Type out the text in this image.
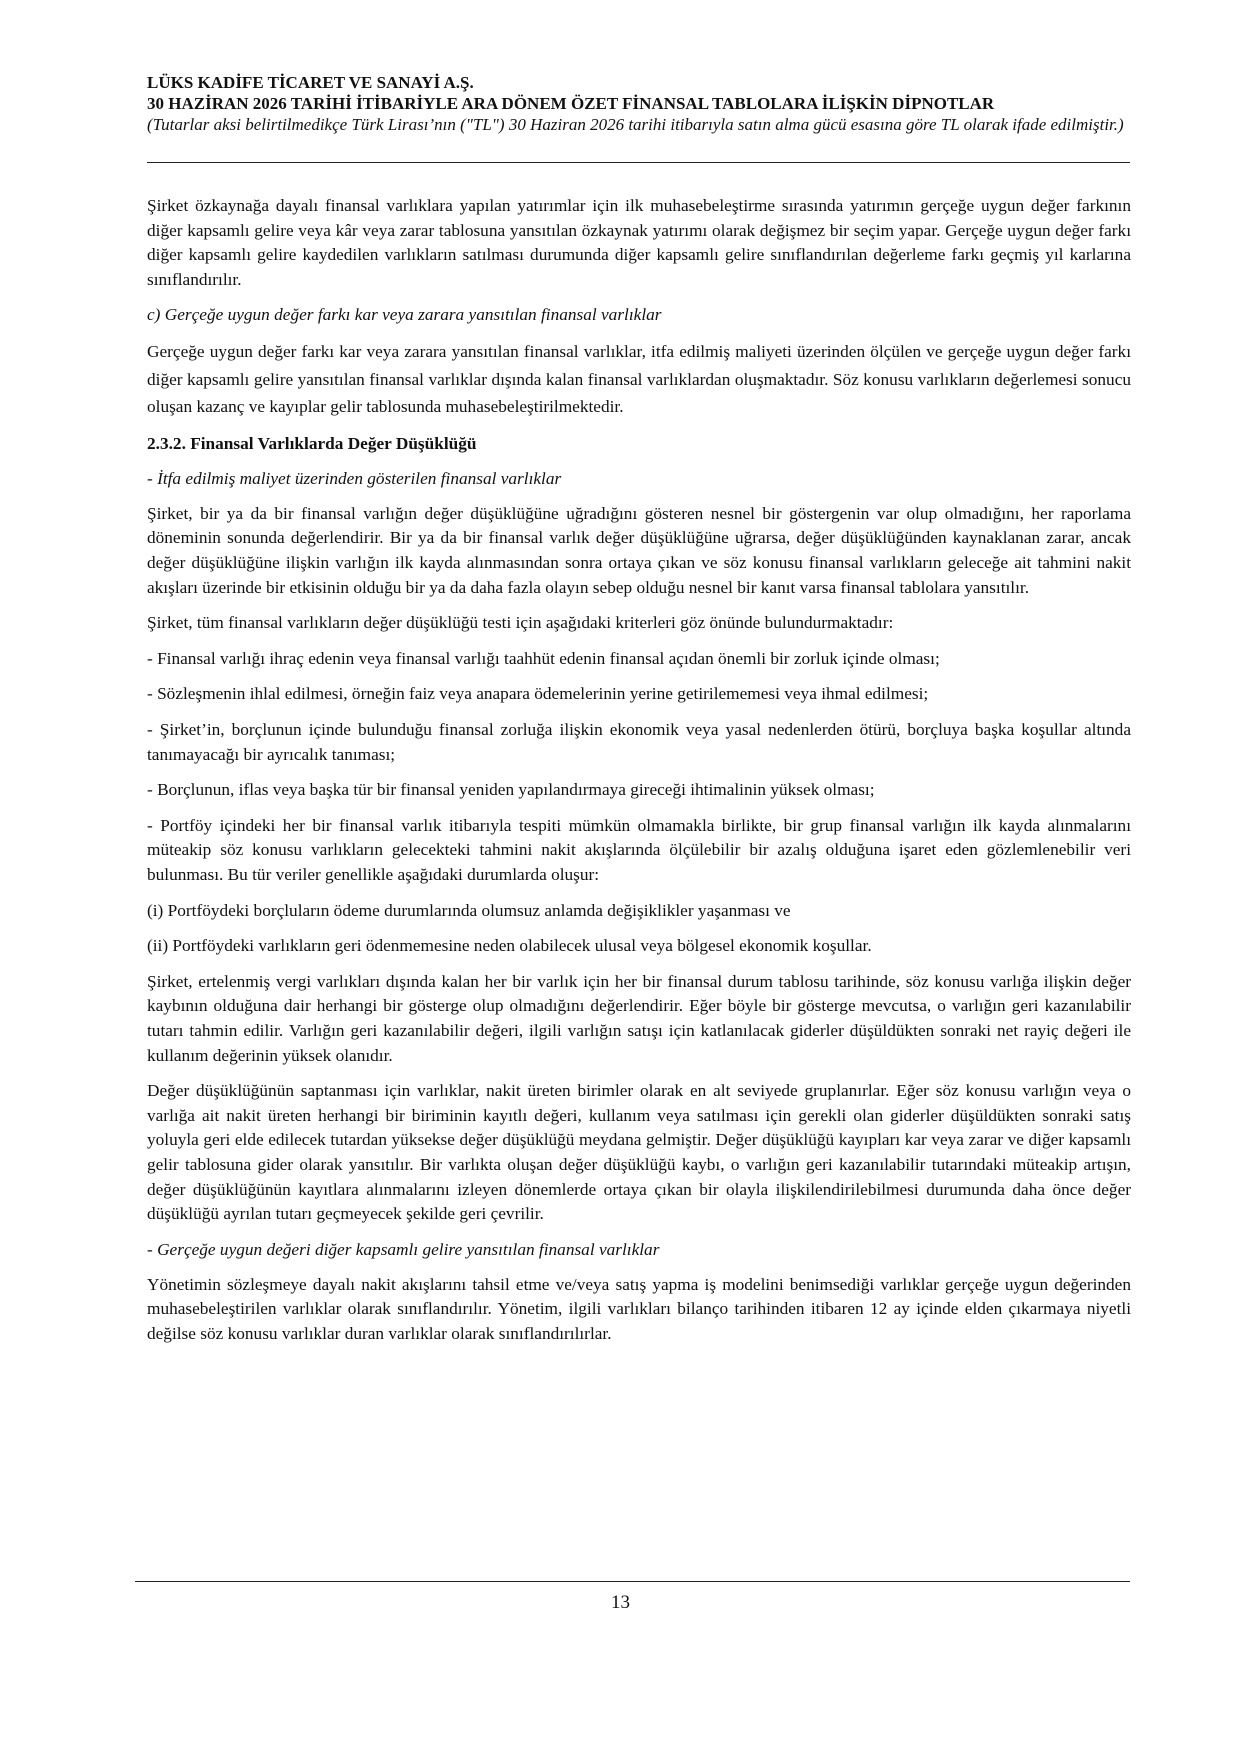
LÜKS KADİFE TİCARET VE SANAYİ A.Ş.
30 HAZİRAN 2026 TARİHİ İTİBARİYLE ARA DÖNEM ÖZET FİNANSAL TABLOLARA İLİŞKİN DİPNOTLAR
(Tutarlar aksi belirtilmedikçe Türk Lirası’nın ("TL") 30 Haziran 2026 tarihi itibarıyla satın alma gücü esasına göre TL olarak ifade edilmiştir.)

Şirket özkaynağa dayalı finansal varlıklara yapılan yatırımlar için ilk muhasebeleştirme sırasında yatırımın gerçeğe uygun değer farkının diğer kapsamlı gelire veya kâr veya zarar tablosuna yansıtılan özkaynak yatırımı olarak değişmez bir seçim yapar. Gerçeğe uygun değer farkı diğer kapsamlı gelire kaydedilen varlıkların satılması durumunda diğer kapsamlı gelire sınıflandırılan değerleme farkı geçmiş yıl karlarına sınıflandırılır.

c) Gerçeğe uygun değer farkı kar veya zarara yansıtılan finansal varlıklar

Gerçeğe uygun değer farkı kar veya zarara yansıtılan finansal varlıklar, itfa edilmiş maliyeti üzerinden ölçülen ve gerçeğe uygun değer farkı diğer kapsamlı gelire yansıtılan finansal varlıklar dışında kalan finansal varlıklardan oluşmaktadır. Söz konusu varlıkların değerlemesi sonucu oluşan kazanç ve kayıplar gelir tablosunda muhasebeleştirilmektedir.

2.3.2. Finansal Varlıklarda Değer Düşüklüğü
- İtfa edilmiş maliyet üzerinden gösterilen finansal varlıklar

Şirket, bir ya da bir finansal varlığın değer düşüklüğüne uğradığını gösteren nesnel bir göstergenin var olup olmadığını, her raporlama döneminin sonunda değerlendirir. Bir ya da bir finansal varlık değer düşüklüğüne uğrarsa, değer düşüklüğünden kaynaklanan zarar, ancak değer düşüklüğüne ilişkin varlığın ilk kayda alınmasından sonra ortaya çıkan ve söz konusu finansal varlıkların geleceğe ait tahmini nakit akışları üzerinde bir etkisinin olduğu bir ya da daha fazla olayın sebep olduğu nesnel bir kanıt varsa finansal tablolara yansıtılır.

Şirket, tüm finansal varlıkların değer düşüklüğü testi için aşağıdaki kriterleri göz önünde bulundurmaktadır:

- Finansal varlığı ihraç edenin veya finansal varlığı taahhüt edenin finansal açıdan önemli bir zorluk içinde olması;

- Sözleşmenin ihlal edilmesi, örneğin faiz veya anapara ödemelerinin yerine getirilememesi veya ihmal edilmesi;

- Şirket’in, borçlunun içinde bulunduğu finansal zorluğa ilişkin ekonomik veya yasal nedenlerden ötürü, borçluya başka koşullar altında tanımayacağı bir ayrıcalık tanıması;

- Borçlunun, iflas veya başka tür bir finansal yeniden yapılandırmaya gireceği ihtimalinin yüksek olması;

- Portföy içindeki her bir finansal varlık itibarıyla tespiti mümkün olmamakla birlikte, bir grup finansal varlığın ilk kayda alınmalarını müteakip söz konusu varlıkların gelecekteki tahmini nakit akışlarında ölçülebilir bir azalış olduğuna işaret eden gözlemlenebilir veri bulunması. Bu tür veriler genellikle aşağıdaki durumlarda oluşur:

(i) Portföydeki borçluların ödeme durumlarında olumsuz anlamda değişiklikler yaşanması ve

(ii) Portföydeki varlıkların geri ödenmemesine neden olabilecek ulusal veya bölgesel ekonomik koşullar.

Şirket, ertelenmiş vergi varlıkları dışında kalan her bir varlık için her bir finansal durum tablosu tarihinde, söz konusu varlığa ilişkin değer kaybının olduğuna dair herhangi bir gösterge olup olmadığını değerlendirir. Eğer böyle bir gösterge mevcutsa, o varlığın geri kazanılabilir tutarı tahmin edilir. Varlığın geri kazanılabilir değeri, ilgili varlığın satışı için katlanılacak giderler düşüldükten sonraki net rayiç değeri ile kullanım değerinin yüksek olanıdır.

Değer düşüklüğünün saptanması için varlıklar, nakit üreten birimler olarak en alt seviyede gruplanırlar. Eğer söz konusu varlığın veya o varlığa ait nakit üreten herhangi bir biriminin kayıtlı değeri, kullanım veya satılması için gerekli olan giderler düşüldükten sonraki satış yoluyla geri elde edilecek tutardan yüksekse değer düşüklüğü meydana gelmiştir. Değer düşüklüğü kayıpları kar veya zarar ve diğer kapsamlı gelir tablosuna gider olarak yansıtılır. Bir varlıkta oluşan değer düşüklüğü kaybı, o varlığın geri kazanılabilir tutarındaki müteakip artışın, değer düşüklüğünün kayıtlara alınmalarını izleyen dönemlerde ortaya çıkan bir olayla ilişkilendirilebilmesi durumunda daha önce değer düşüklüğü ayrılan tutarı geçmeyecek şekilde geri çevrilir.

- Gerçeğe uygun değeri diğer kapsamlı gelire yansıtılan finansal varlıklar

Yönetimin sözleşmeye dayalı nakit akışlarını tahsil etme ve/veya satış yapma iş modelini benimsediği varlıklar gerçeğe uygun değerinden muhasebeleştirilen varlıklar olarak sınıflandırılır. Yönetim, ilgili varlıkları bilanço tarihinden itibaren 12 ay içinde elden çıkarmaya niyetli değilse söz konusu varlıklar duran varlıklar olarak sınıflandırılırlar.

13
